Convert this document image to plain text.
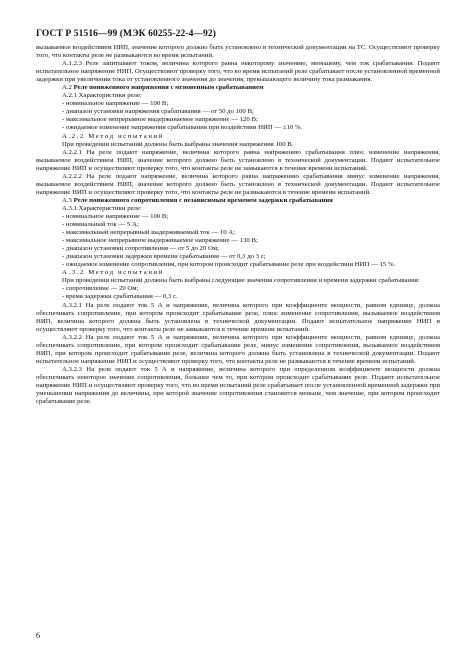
ГОСТ Р 51516—99 (МЭК 60255-22-4—92)

вызываемое воздействием НИП, значение которого должно быть установлено в технической документации на ТС. Осуществляют проверку того, что контакты реле не размыкаются во время испытаний.

А.1.2.3 Реле запитывают током, величина которого равна некоторому значению, меньшему, чем ток срабатывания. Подают испытательное напряжение НИП. Осуществляют проверку того, что во время испытаний реле срабатывает после установленной временной задержки при увеличении тока от установленного значения до значения, превышающего величину тока размыкания.

А.2 Реле пониженного напряжения с мгновенным срабатыванием

А.2.1 Характеристики реле:

- номинальное напряжение — 100 В;

- диапазон установки напряжения срабатывания — от 50 до 100 В;

- максимальное непрерывное выдерживаемое напряжение — 120 В;

- ожидаемое изменение напряжения срабатывания при воздействии НИП — ±10 %.

А.2.2 Метод испытаний

При проведении испытаний должны быть выбраны значения напряжения 100 В.

А.2.2.1 На реле подают напряжение, величина которого равна напряжению срабатывания плюс изменение напряжения, вызываемое воздействием НИП, значение которого должно быть установлено в технической документации. Подают испытательное напряжение НИП и осуществляют проверку того, что контакты реле не замыкаются в течение времени испытаний.

А.2.2.2 На реле подают напряжение, величина которого равна напряжению срабатывания минус изменение напряжения, вызываемое воздействием НИП, значение которого должно быть установлено в технической документации. Подают испытательное напряжение НИП и осуществляют проверку того, что контакты реле не размыкаются в течение времени испытаний.

А.3 Реле пониженного сопротивления с независимым временем задержки срабатывания

А.3.1 Характеристики реле:

- номинальное напряжение — 100 В;

- номинальный ток — 5 А;

- максимальный непрерывный выдерживаемый ток — 10 А;

- максимальное непрерывное выдерживаемое напряжение — 130 В;

- диапазон установки сопротивления — от 5 до 20 Ом;

- диапазон установки задержки времени срабатывания — от 0,3 до 3 с;

- ожидаемое изменение сопротивления, при котором происходит срабатывание реле при воздействии НИП — 15 %.

А.3.2 Метод испытаний

При проведении испытаний должны быть выбраны следующие значения сопротивления и времени задержки срабатывания:

- сопротивление — 20 Ом;

- время задержки срабатывания — 0,3 с.

А.3.2.1 На реле подают ток 5 А и напряжение, величина которого при коэффициенте мощности, равном единице, должна обеспечивать сопротивление, при котором происходит срабатывание реле, плюс изменение сопротивления, вызываемое воздействием НИП, величина которого должна быть установлена в технической документации. Подают испытательное напряжение НИП и осуществляют проверку того, что контакты реле не замыкаются в течение времени испытаний.

А.3.2.2 На реле подают ток 5 А и напряжение, величина которого при коэффициенте мощности, равном единице, должна обеспечивать сопротивление, при котором происходит срабатывание реле, минус изменение сопротивления, вызываемое воздействием НИП, при котором происходит срабатывание реле, величина которого должна быть установлена в технической документации. Подают испытательное напряжение НИП и осуществляют проверку того, что контакты реле не размыкаются в течение времени испытаний.

А.3.2.3 На реле подают ток 5 А и напряжение, величина которого при определенном коэффициенте мощности должна обеспечивать некоторое значение сопротивления, большее чем то, при котором происходит срабатывание реле. Подают испытательное напряжение НИП и осуществляют проверку того, что во время испытаний реле срабатывает после установленной временной задержки при уменьшении напряжения до величины, при которой значение сопротивления становится меньше, чем значение, при котором происходит срабатывание реле.

6
